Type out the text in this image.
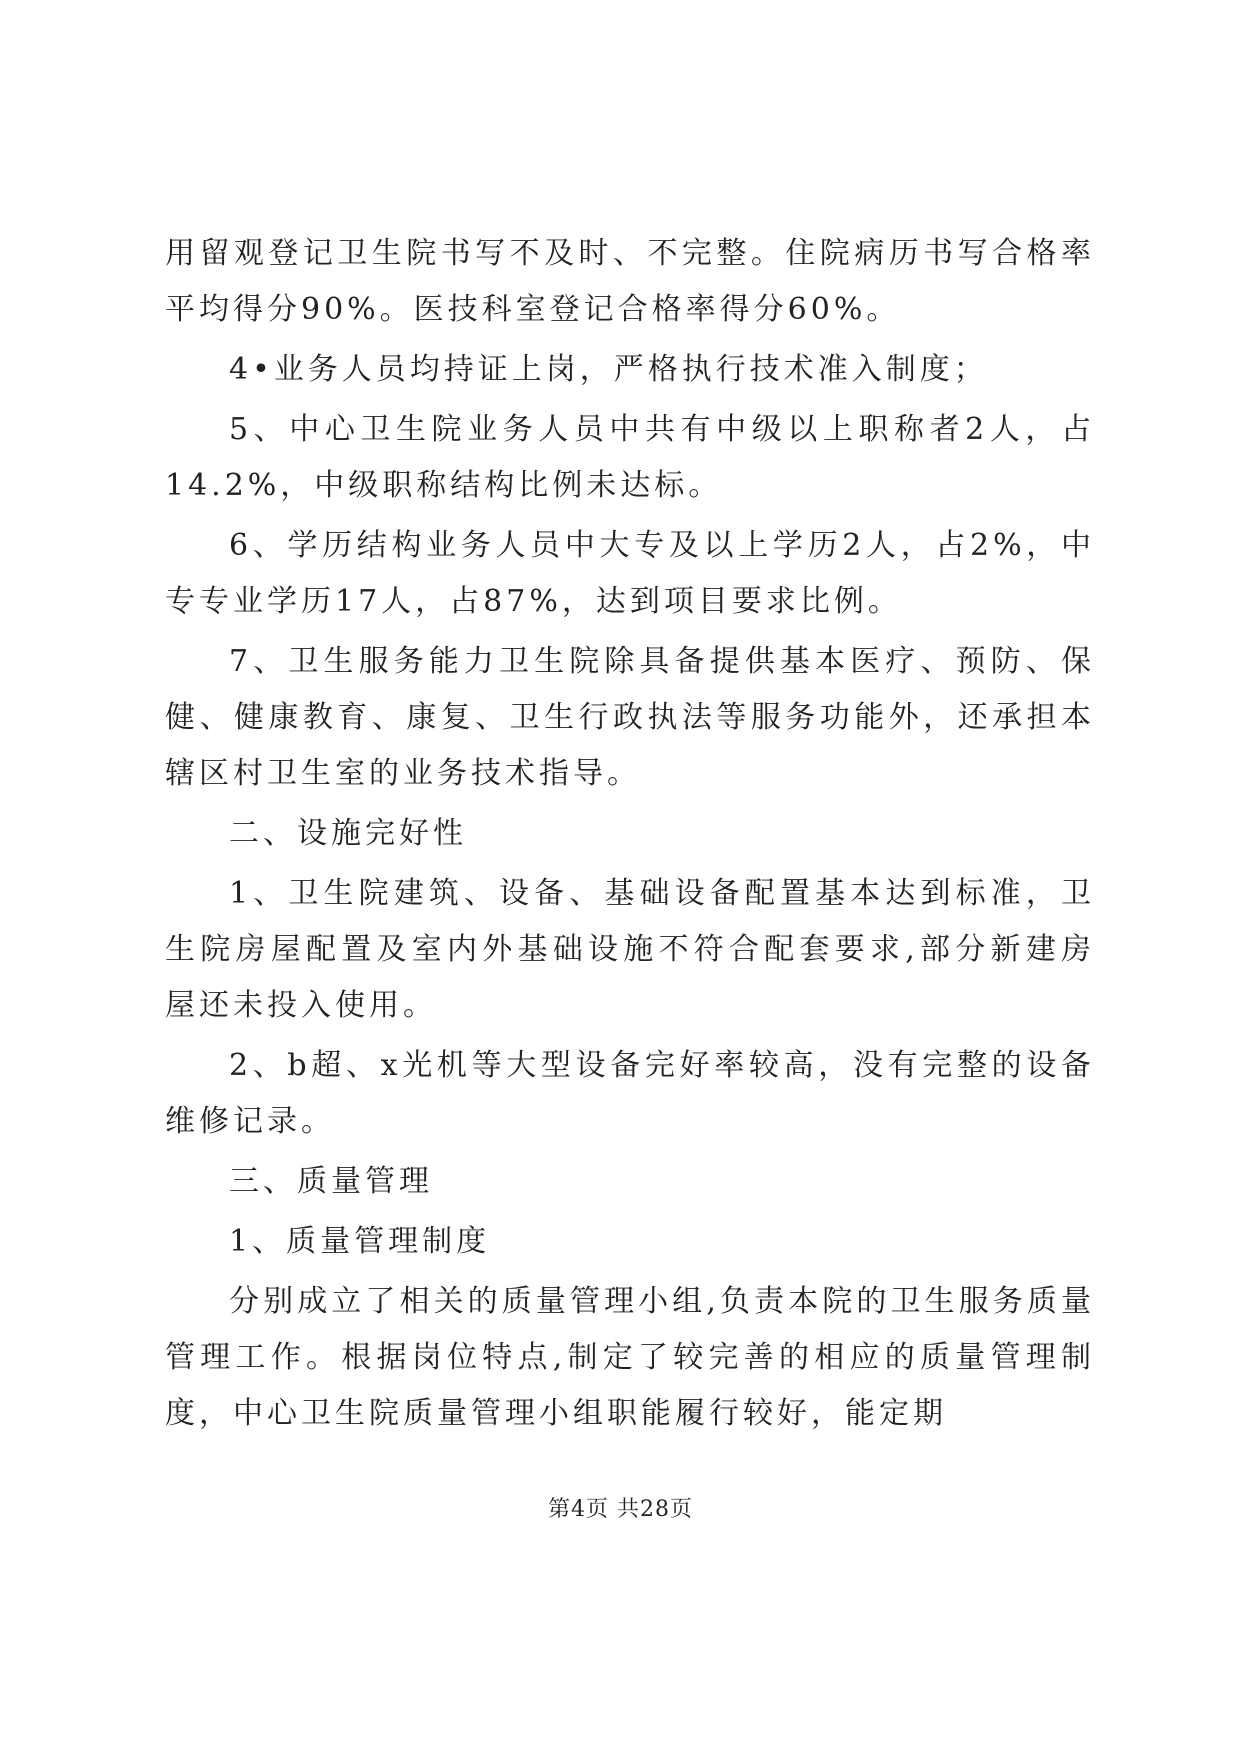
用留观登记卫生院书写不及时、不完整。住院病历书写合格率平均得分90%。医技科室登记合格率得分60%。

4•业务人员均持证上岗，严格执行技术准入制度；

5、中心卫生院业务人员中共有中级以上职称者2人，占14.2%，中级职称结构比例未达标。

6、学历结构业务人员中大专及以上学历2人，占2%，中专专业学历17人，占87%，达到项目要求比例。

7、卫生服务能力卫生院除具备提供基本医疗、预防、保健、健康教育、康复、卫生行政执法等服务功能外，还承担本辖区村卫生室的业务技术指导。

二、设施完好性

1、卫生院建筑、设备、基础设备配置基本达到标准，卫生院房屋配置及室内外基础设施不符合配套要求,部分新建房屋还未投入使用。

2、b超、x光机等大型设备完好率较高，没有完整的设备维修记录。

三、质量管理

1、质量管理制度

分别成立了相关的质量管理小组,负责本院的卫生服务质量管理工作。根据岗位特点,制定了较完善的相应的质量管理制度，中心卫生院质量管理小组职能履行较好，能定期

第4页 共28页
